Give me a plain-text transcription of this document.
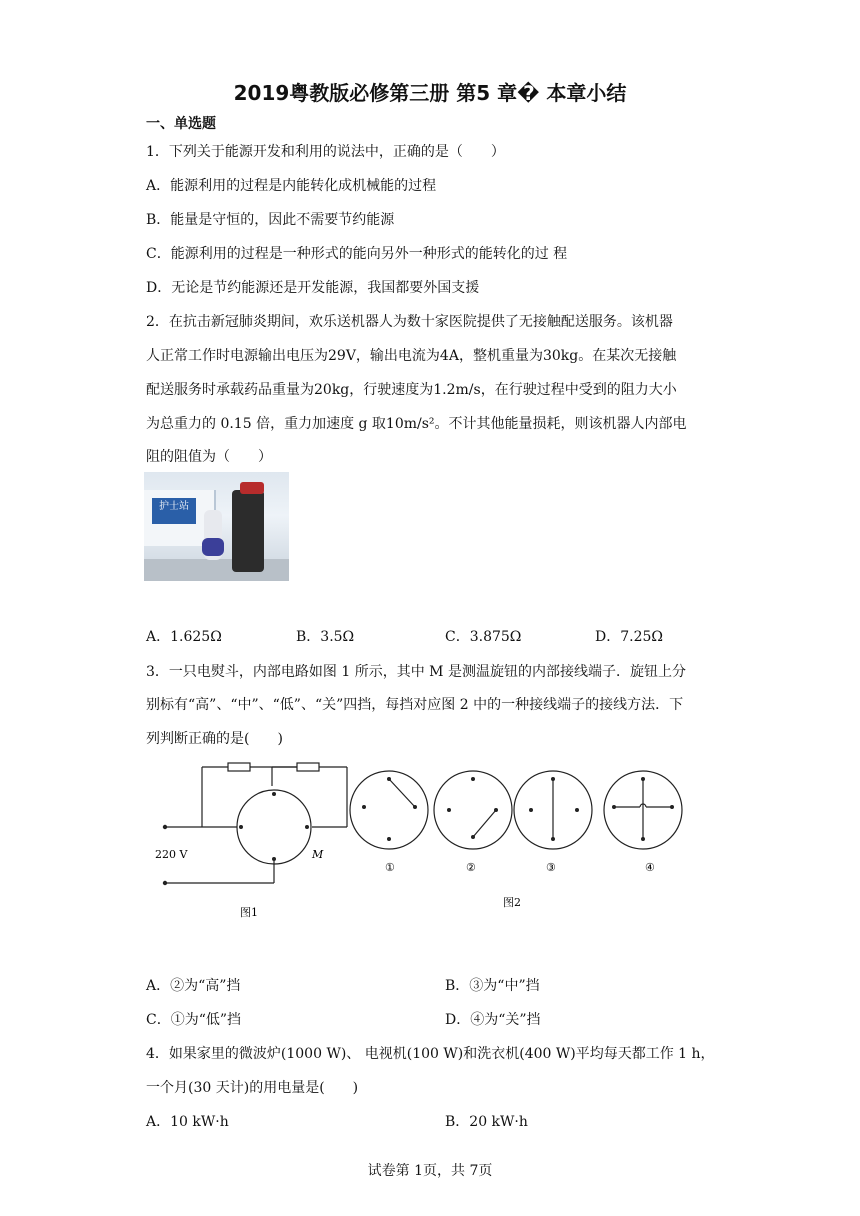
2019粤教版必修第三册 第5 章� 本章小结
一、单选题
1．下列关于能源开发和利用的说法中，正确的是（　　）
A．能源利用的过程是内能转化成机械能的过程
B．能量是守恒的，因此不需要节约能源
C．能源利用的过程是一种形式的能向另外一种形式的能转化的过 程
D．无论是节约能源还是开发能源，我国都要外国支援
2．在抗击新冠肺炎期间，欢乐送机器人为数十家医院提供了无接触配送服务。该机器
人正常工作时电源输出电压为29V，输出电流为4A，整机重量为30kg。在某次无接触
配送服务时承载药品重量为20kg，行驶速度为1.2m/s，在行驶过程中受到的阻力大小
为总重力的 0.15 倍，重力加速度 g 取10m/s²。不计其他能量损耗，则该机器人内部电
阻的阻值为（　　）
护士站
A．1.625Ω	B．3.5Ω	C．3.875Ω	D．7.25Ω
3．一只电熨斗，内部电路如图 1 所示，其中 M 是测温旋钮的内部接线端子．旋钮上分
别标有“高”、“中”、“低”、“关”四挡，每挡对应图 2 中的一种接线端子的接线方法．下
列判断正确的是(　　)
220 V	M
图1
①	②	③	④
图2
A．②为“高”挡	B．③为“中”挡
C．①为“低”挡	D．④为“关”挡
4．如果家里的微波炉(1000 W)、 电视机(100 W)和洗衣机(400 W)平均每天都工作 1 h，
一个月(30 天计)的用电量是(　　)
A．10 kW·h	B．20 kW·h
试卷第 1页，共 7页
